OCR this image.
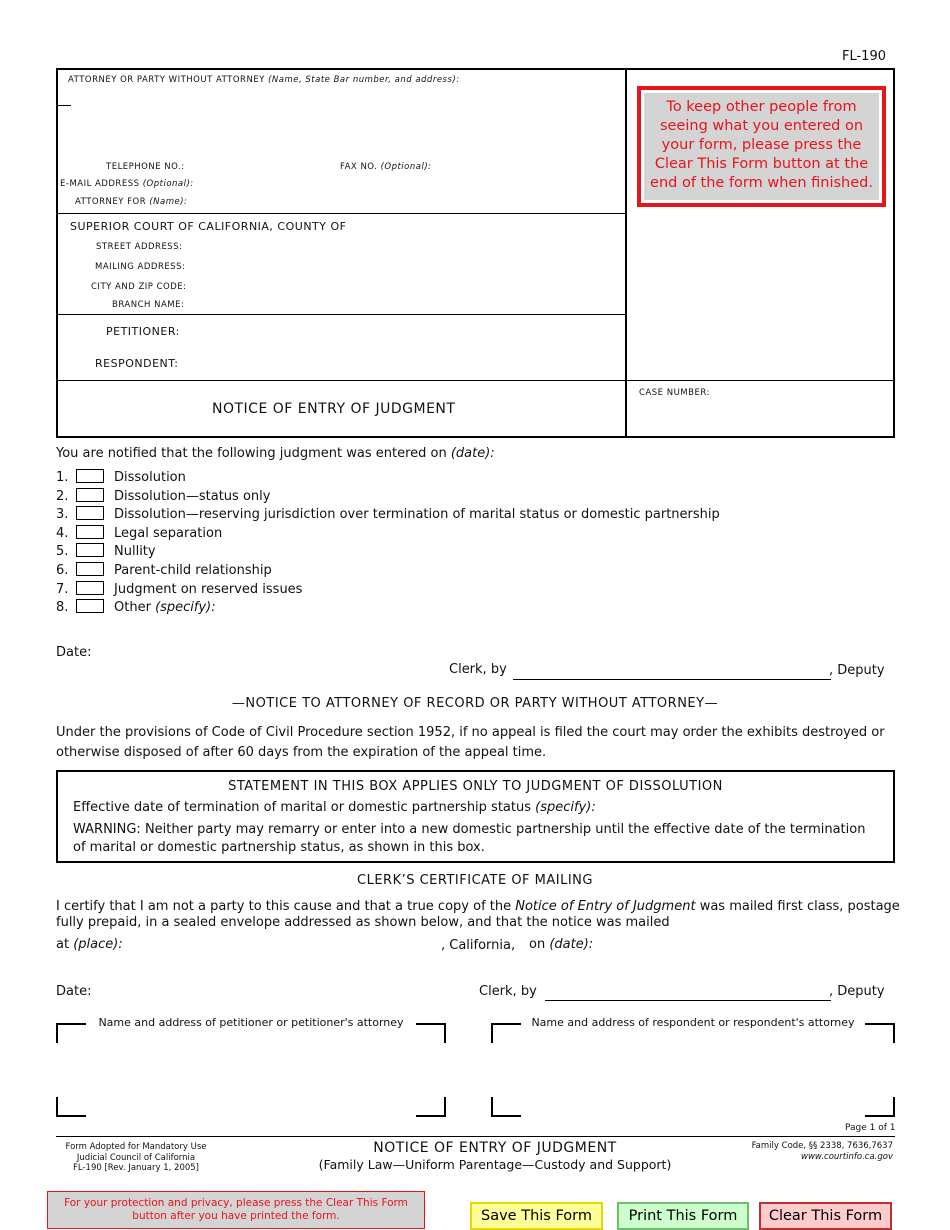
FL-190
ATTORNEY OR PARTY WITHOUT ATTORNEY (Name, State Bar number, and address):
TELEPHONE NO.:	FAX NO. (Optional):
E-MAIL ADDRESS (Optional):
ATTORNEY FOR (Name):
SUPERIOR COURT OF CALIFORNIA, COUNTY OF
STREET ADDRESS:
MAILING ADDRESS:
CITY AND ZIP CODE:
BRANCH NAME:
PETITIONER:
RESPONDENT:
NOTICE OF ENTRY OF JUDGMENT
CASE NUMBER:
To keep other people from seeing what you entered on your form, please press the Clear This Form button at the end of the form when finished.
You are notified that the following judgment was entered on (date):
1.	Dissolution
2.	Dissolution—status only
3.	Dissolution—reserving jurisdiction over termination of marital status or domestic partnership
4.	Legal separation
5.	Nullity
6.	Parent-child relationship
7.	Judgment on reserved issues
8.	Other (specify):
Date:
Clerk, by	, Deputy
—NOTICE TO ATTORNEY OF RECORD OR PARTY WITHOUT ATTORNEY—
Under the provisions of Code of Civil Procedure section 1952, if no appeal is filed the court may order the exhibits destroyed or
otherwise disposed of after 60 days from the expiration of the appeal time.
STATEMENT IN THIS BOX APPLIES ONLY TO JUDGMENT OF DISSOLUTION
Effective date of termination of marital or domestic partnership status (specify):
WARNING: Neither party may remarry or enter into a new domestic partnership until the effective date of the termination
of marital or domestic partnership status, as shown in this box.
CLERK’S CERTIFICATE OF MAILING
I certify that I am not a party to this cause and that a true copy of the Notice of Entry of Judgment was mailed first class, postage
fully prepaid, in a sealed envelope addressed as shown below, and that the notice was mailed
at (place):	, California, on (date):
Date:	Clerk, by	, Deputy
Name and address of petitioner or petitioner's attorney	Name and address of respondent or respondent's attorney
Page 1 of 1
Form Adopted for Mandatory Use
Judicial Council of California
FL-190 [Rev. January 1, 2005]
NOTICE OF ENTRY OF JUDGMENT
(Family Law—Uniform Parentage—Custody and Support)
Family Code, §§ 2338, 7636,7637
www.courtinfo.ca.gov
For your protection and privacy, please press the Clear This Form button after you have printed the form.	Save This Form	Print This Form	Clear This Form
